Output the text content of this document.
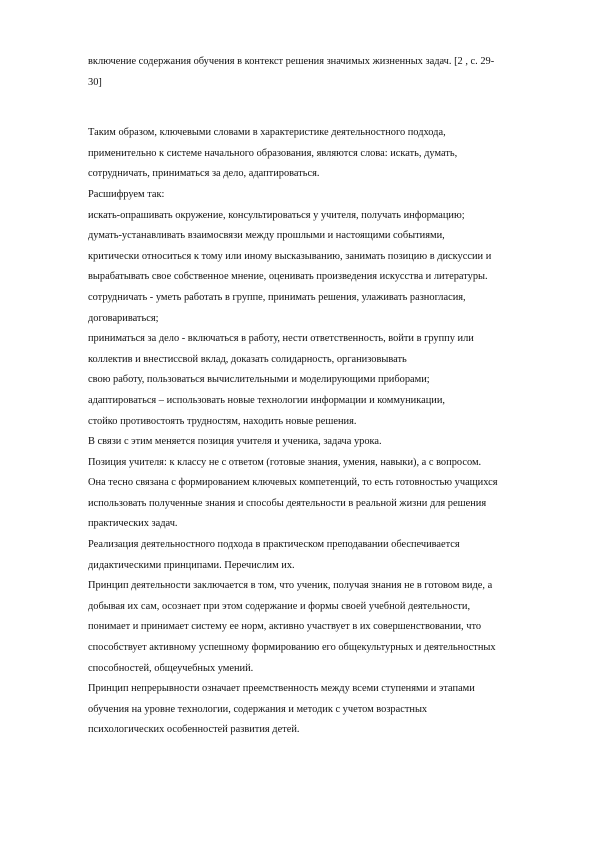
включение содержания обучения в контекст решения значимых жизненных задач. [2 , с. 29-
30]
Таким образом, ключевыми словами в характеристике деятельностного подхода,
применительно к системе начального образования, являются слова: искать, думать,
сотрудничать, приниматься за дело, адаптироваться.
Расшифруем так:
искать-опрашивать окружение, консультироваться у учителя, получать информацию;
думать-устанавливать взаимосвязи между прошлыми и настоящими событиями,
критически относиться к тому или иному высказыванию, занимать позицию в дискуссии и
вырабатывать свое собственное мнение, оценивать произведения искусства и литературы.
сотрудничать - уметь работать в группе, принимать решения, улаживать разногласия,
договариваться;
приниматься за дело - включаться в работу, нести ответственность, войти в группу или
коллектив и внестиссвой вклад, доказать солидарность, организовывать
свою работу, пользоваться вычислительными и моделирующими приборами;
адаптироваться – использовать новые технологии информации и коммуникации,
стойко противостоять трудностям, находить новые решения.
В связи с этим меняется позиция учителя и ученика, задача урока.
Позиция учителя: к классу не с ответом (готовые знания, умения, навыки), а с вопросом.
Она тесно связана с формированием ключевых компетенций, то есть готовностью учащихся
использовать полученные знания и способы деятельности в реальной жизни для решения
практических задач.
Реализация деятельностного подхода в практическом преподавании обеспечивается
дидактическими принципами. Перечислим их.
Принцип деятельности заключается в том, что ученик, получая знания не в готовом виде, а
добывая их сам, осознает при этом содержание и формы своей учебной деятельности,
понимает и принимает систему ее норм, активно участвует в их совершенствовании, что
способствует активному успешному формированию его общекультурных и деятельностных
способностей, общеучебных умений.
Принцип непрерывности означает преемственность между всеми ступенями и этапами
обучения на уровне технологии, содержания и методик с учетом возрастных
психологических особенностей развития детей.
